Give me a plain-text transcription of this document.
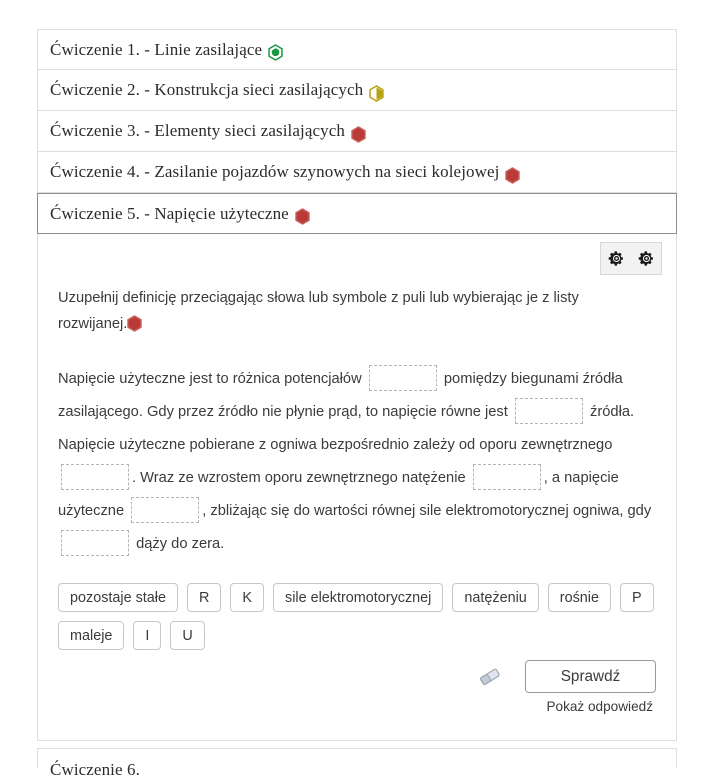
Ćwiczenie 1. - Linie zasilające
Ćwiczenie 2. - Konstrukcja sieci zasilających
Ćwiczenie 3. - Elementy sieci zasilających
Ćwiczenie 4. - Zasilanie pojazdów szynowych na sieci kolejowej
Ćwiczenie 5. - Napięcie użyteczne
Uzupełnij definicję przeciągając słowa lub symbole z puli lub wybierając je z listy rozwijanej.
Napięcie użyteczne jest to różnica potencjałów	pomiędzy biegunami źródła zasilającego. Gdy przez źródło nie płynie prąd, to napięcie równe jest	źródła. Napięcie użyteczne pobierane z ogniwa bezpośrednio zależy od oporu zewnętrznego . Wraz ze wzrostem oporu zewnętrznego natężenie	, a napięcie użyteczne	, zbliżając się do wartości równej sile elektromotorycznej ogniwa, gdy  dąży do zera.
pozostaje stałe	R	K	sile elektromotorycznej	natężeniu	rośnie	P
maleje	I	U
Sprawdź
Pokaż odpowiedź
Ćwiczenie 6.
